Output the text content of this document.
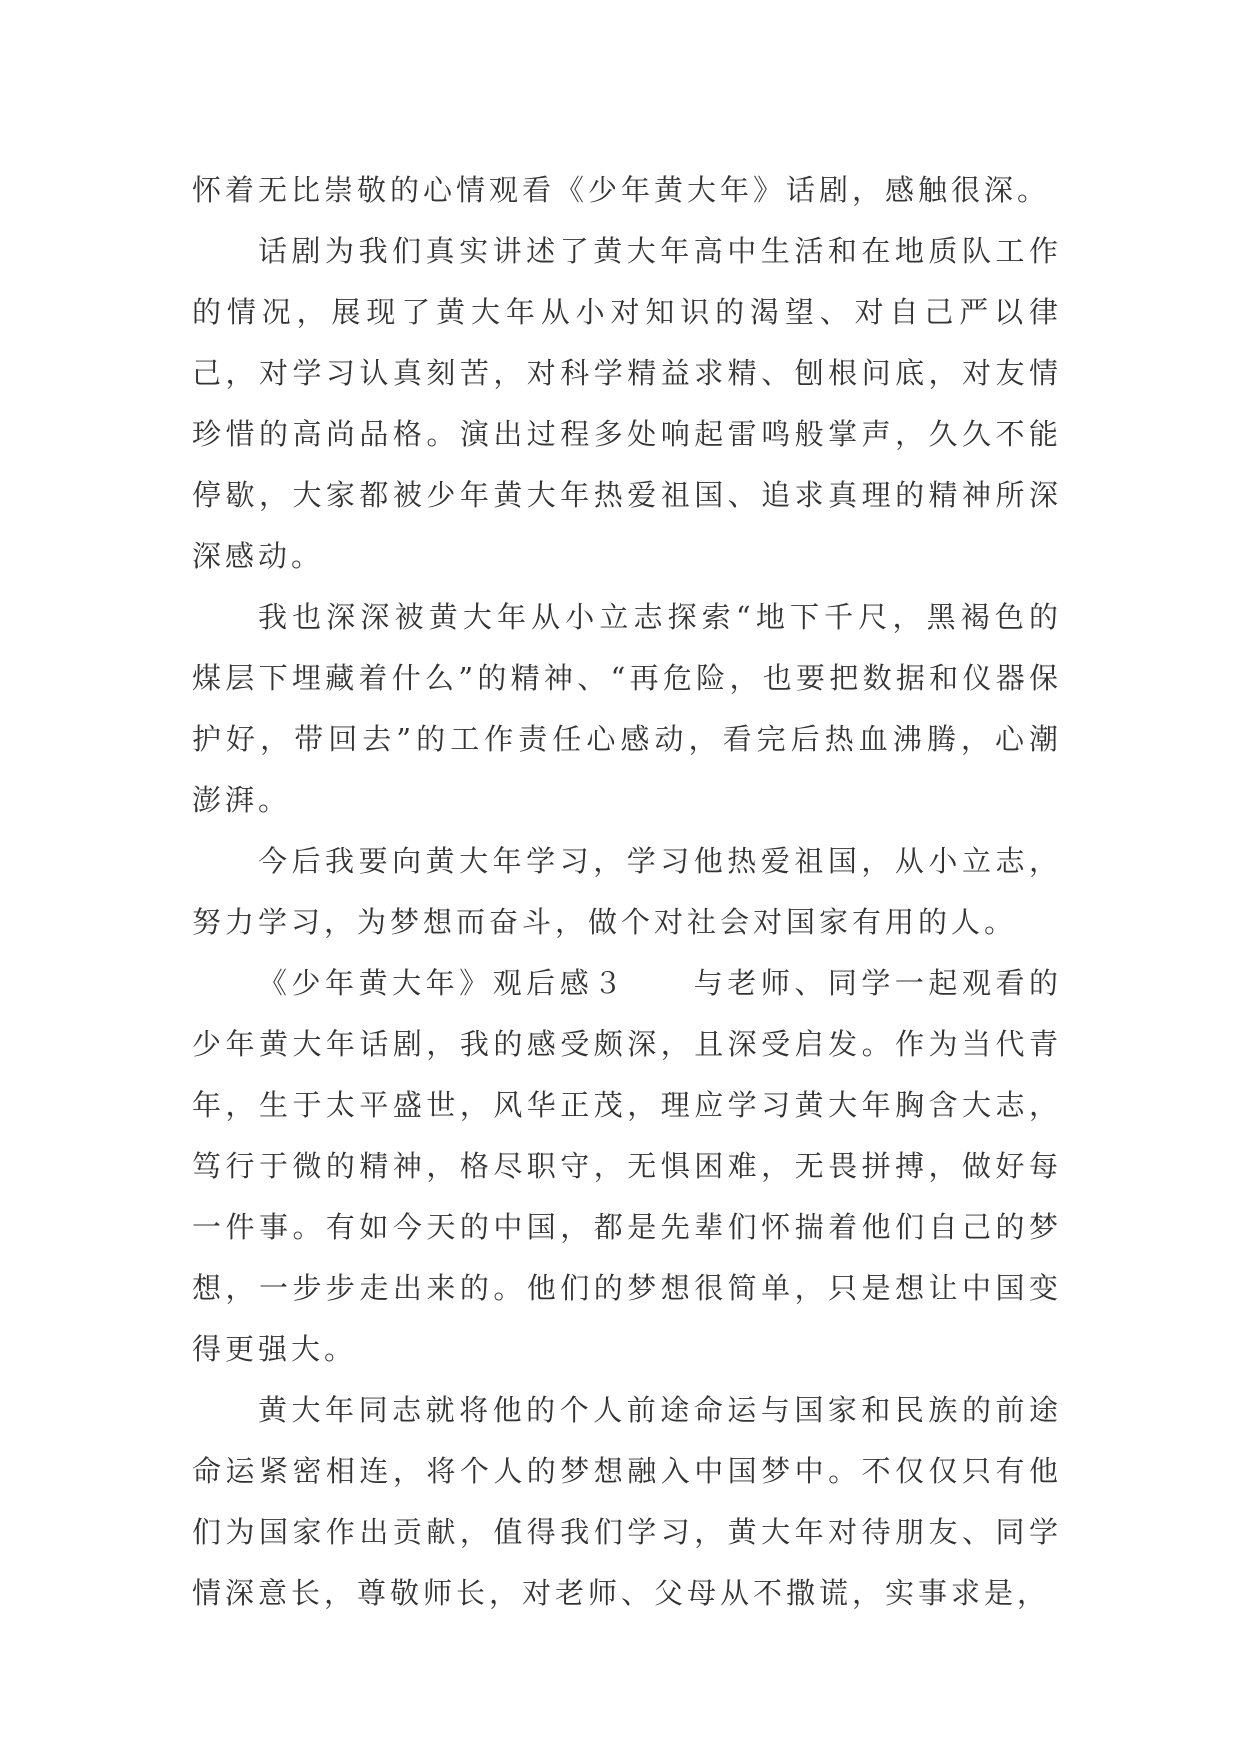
怀着无比崇敬的心情观看《少年黄大年》话剧，感触很深。

话剧为我们真实讲述了黄大年高中生活和在地质队工作的情况，展现了黄大年从小对知识的渴望、对自己严以律己，对学习认真刻苦，对科学精益求精、刨根问底，对友情珍惜的高尚品格。演出过程多处响起雷鸣般掌声，久久不能停歇，大家都被少年黄大年热爱祖国、追求真理的精神所深深感动。

我也深深被黄大年从小立志探索“地下千尺，黑褐色的煤层下埋藏着什么”的精神、“再危险，也要把数据和仪器保护好，带回去”的工作责任心感动，看完后热血沸腾，心潮澎湃。

今后我要向黄大年学习，学习他热爱祖国，从小立志，努力学习，为梦想而奋斗，做个对社会对国家有用的人。

《少年黄大年》观后感３　　与老师、同学一起观看的少年黄大年话剧，我的感受颇深，且深受启发。作为当代青年，生于太平盛世，风华正茂，理应学习黄大年胸含大志，笃行于微的精神，格尽职守，无惧困难，无畏拼搏，做好每一件事。有如今天的中国，都是先辈们怀揣着他们自己的梦想，一步步走出来的。他们的梦想很简单，只是想让中国变得更强大。

黄大年同志就将他的个人前途命运与国家和民族的前途命运紧密相连，将个人的梦想融入中国梦中。不仅仅只有他们为国家作出贡献，值得我们学习，黄大年对待朋友、同学情深意长，尊敬师长，对老师、父母从不撒谎，实事求是，
